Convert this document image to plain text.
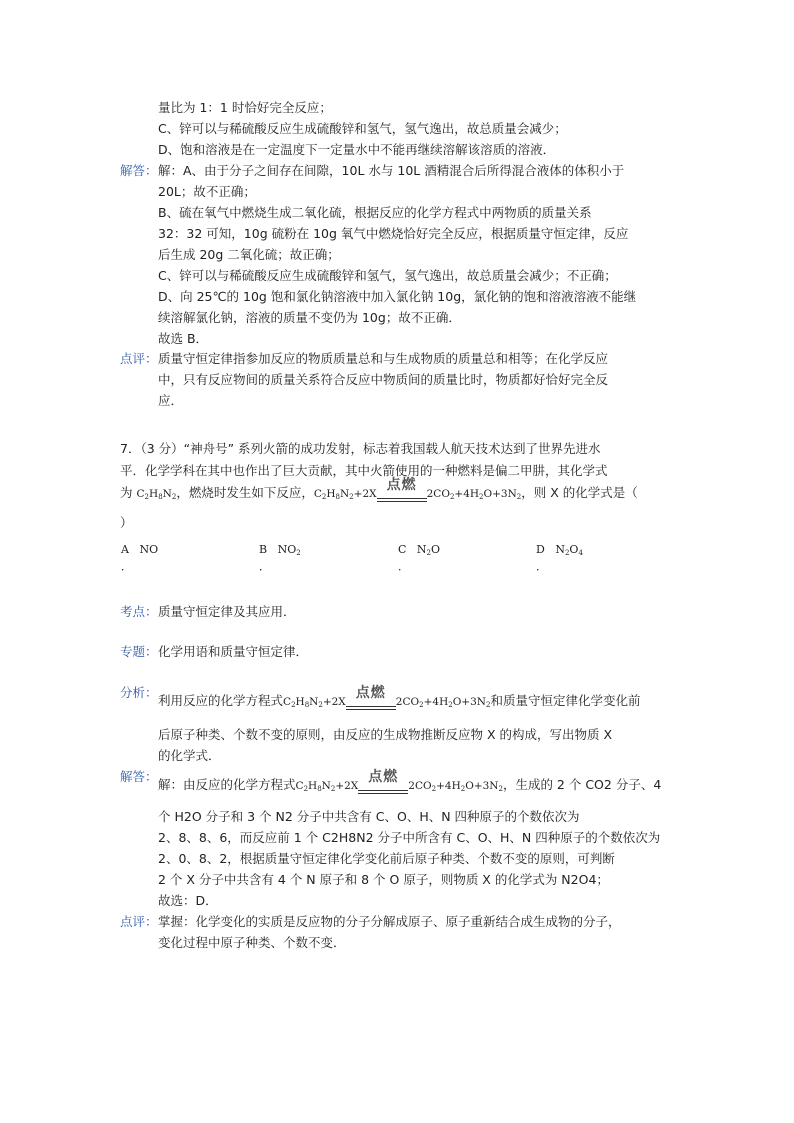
量比为 1：1 时恰好完全反应；
C、锌可以与稀硫酸反应生成硫酸锌和氢气，氢气逸出，故总质量会减少；
D、饱和溶液是在一定温度下一定量水中不能再继续溶解该溶质的溶液．
解答： 解：A、由于分子之间存在间隙，10L 水与 10L 酒精混合后所得混合液体的体积小于
20L；故不正确；
B、硫在氧气中燃烧生成二氧化硫，根据反应的化学方程式中两物质的质量关系
32：32 可知，10g 硫粉在 10g 氧气中燃烧恰好完全反应，根据质量守恒定律，反应
后生成 20g 二氧化硫；故正确；
C、锌可以与稀硫酸反应生成硫酸锌和氢气，氢气逸出，故总质量会减少；不正确；
D、向 25℃的 10g 饱和氯化钠溶液中加入氯化钠 10g，氯化钠的饱和溶液溶液不能继
续溶解氯化钠，溶液的质量不变仍为 10g；故不正确．
故选 B．
点评： 质量守恒定律指参加反应的物质质量总和与生成物质的质量总和相等；在化学反应
中，只有反应物间的质量关系符合反应中物质间的质量比时，物质都好恰好完全反
应．
7．（3 分）“神舟号” 系列火箭的成功发射，标志着我国载人航天技术达到了世界先进水
平．化学学科在其中也作出了巨大贡献，其中火箭使用的一种燃料是偏二甲肼，其化学式
为 $C_2H_8N_2$，燃烧时发生如下反应，$C_2H_8N_2+2X$
点燃
$2CO_2+4H_2O+3N_2$，则 X 的化学式是（
）
A NO	B   $NO_2$	C   $N_2O$	D   $N_2O_4$
．	．	．	．
考点： 质量守恒定律及其应用．
专题： 化学用语和质量守恒定律．
分析：
利用反应的化学方程式$C_2H_8N_2+2X$
点燃
$2CO_2+4H_2O+3N_2$和质量守恒定律化学变化前
后原子种类、个数不变的原则，由反应的生成物推断反应物 X 的构成，写出物质 X
的化学式．
解答：
解：由反应的化学方程式$C_2H_8N_2+2X$
点燃
$2CO_2+4H_2O+3N_2$，生成的 2 个 CO2 分子、4
个 H2O 分子和 3 个 N2 分子中共含有 C、O、H、N 四种原子的个数依次为
2、8、8、6，而反应前 1 个 C2H8N2 分子中所含有 C、O、H、N 四种原子的个数依次为
2、0、8、2，根据质量守恒定律化学变化前后原子种类、个数不变的原则，可判断
2 个 X 分子中共含有 4 个 N 原子和 8 个 O 原子，则物质 X 的化学式为 N2O4；
故选：D．
点评： 掌握：化学变化的实质是反应物的分子分解成原子、原子重新结合成生成物的分子，
变化过程中原子种类、个数不变．
